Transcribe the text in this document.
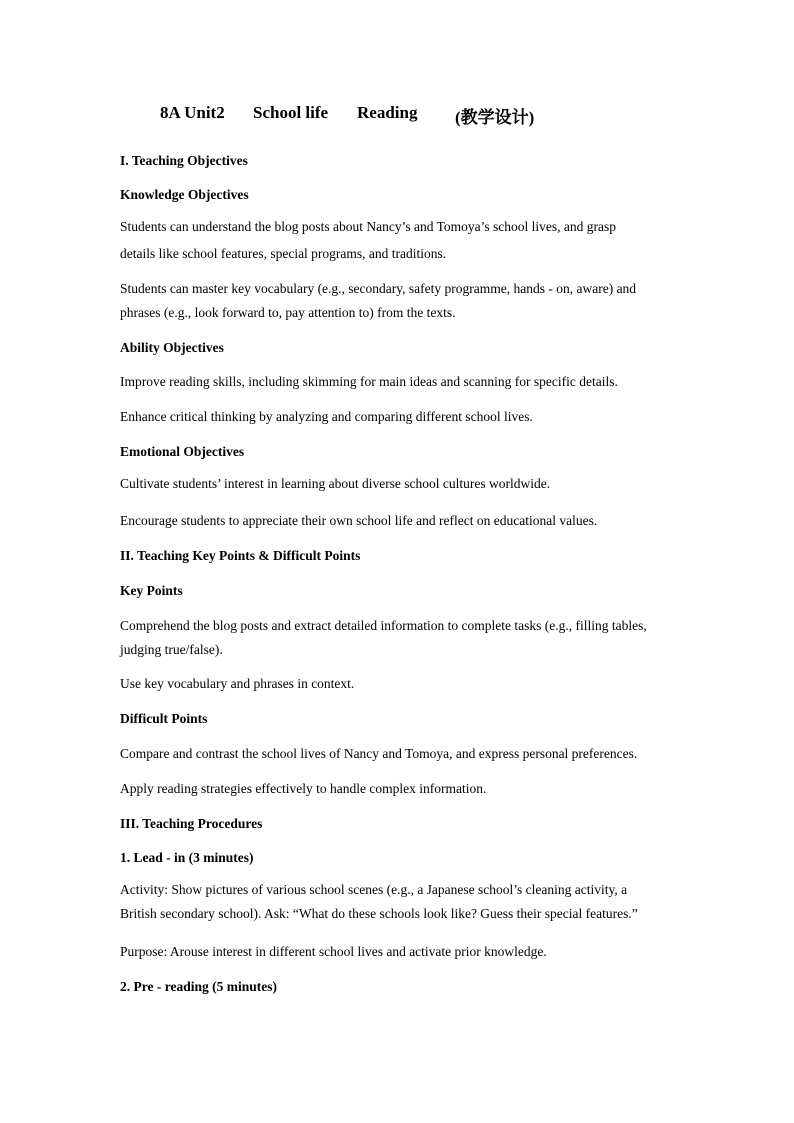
8A Unit2

School life

Reading

(教学设计)

I. Teaching Objectives
Knowledge Objectives
Students can understand the blog posts about Nancy’s and Tomoya’s school lives, and grasp
details like school features, special programs, and traditions.
Students can master key vocabulary (e.g., secondary, safety programme, hands - on, aware) and
phrases (e.g., look forward to, pay attention to) from the texts.
Ability Objectives
Improve reading skills, including skimming for main ideas and scanning for specific details.
Enhance critical thinking by analyzing and comparing different school lives.
Emotional Objectives
Cultivate students’ interest in learning about diverse school cultures worldwide.
Encourage students to appreciate their own school life and reflect on educational values.
II. Teaching Key Points & Difficult Points
Key Points
Comprehend the blog posts and extract detailed information to complete tasks (e.g., filling tables,
judging true/false).
Use key vocabulary and phrases in context.
Difficult Points
Compare and contrast the school lives of Nancy and Tomoya, and express personal preferences.
Apply reading strategies effectively to handle complex information.
III. Teaching Procedures
1. Lead - in (3 minutes)
Activity: Show pictures of various school scenes (e.g., a Japanese school’s cleaning activity, a
British secondary school). Ask: “What do these schools look like? Guess their special features.”
Purpose: Arouse interest in different school lives and activate prior knowledge.
2. Pre - reading (5 minutes)
